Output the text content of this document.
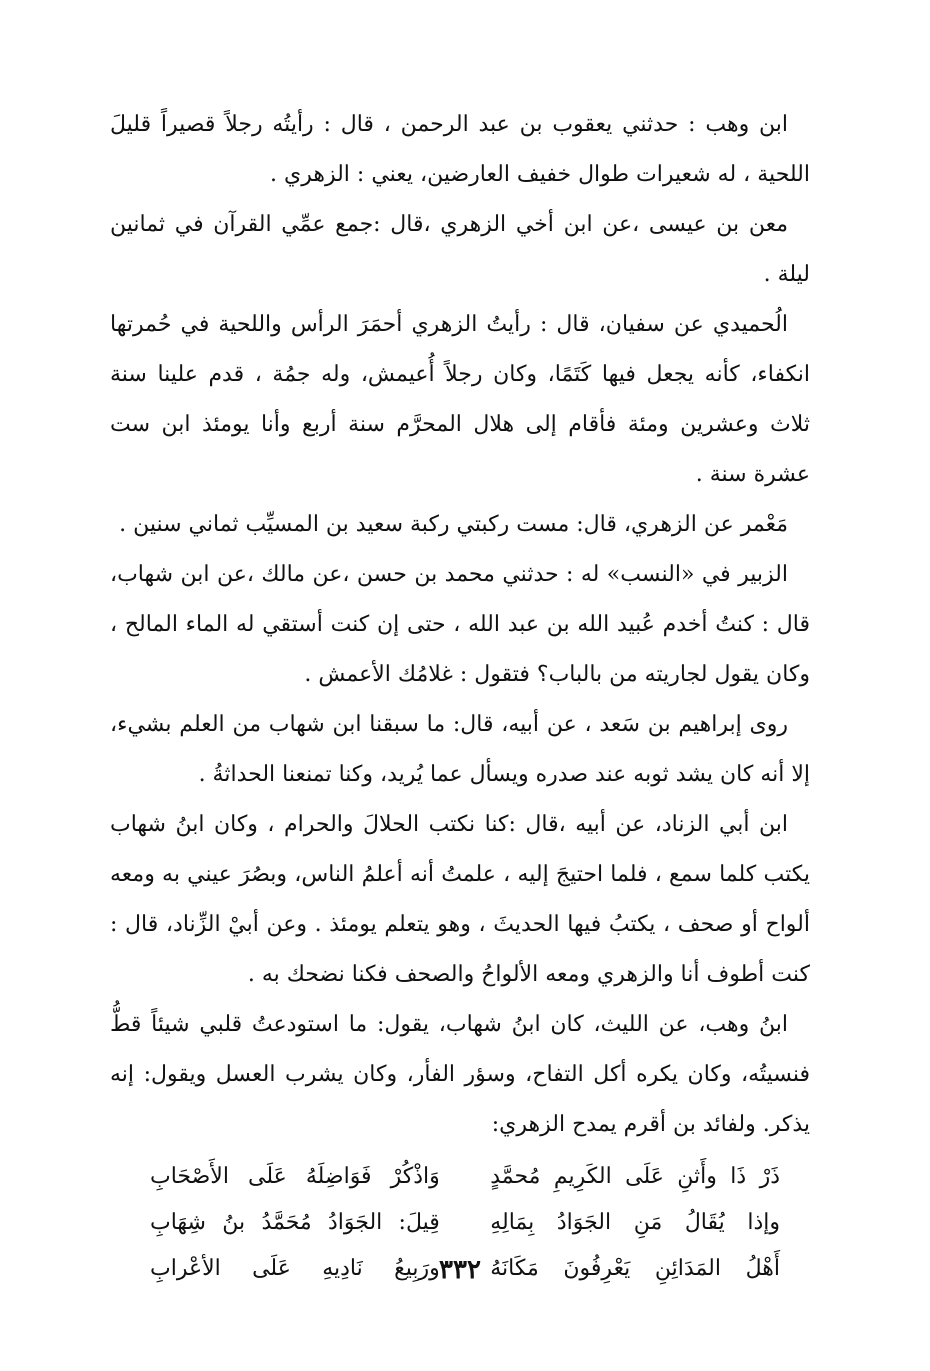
ابن وهب : حدثني يعقوب بن عبد الرحمن ، قال : رأيتُه رجلاً قصيراً قليلَ اللحية ، له شعيرات طوال خفيف العارضين، يعني : الزهري .

معن بن عيسى ،عن ابن أخي الزهري ،قال :جمع عمِّي القرآن في ثمانين ليلة .

الُحميدي عن سفيان، قال : رأيتُ الزهري أحمَرَ الرأس واللحية في حُمرتها انكفاء، كأنه يجعل فيها كَتَمًا، وكان رجلاً أُعيمش، وله جمُة ، قدم علينا سنة ثلاث وعشرين ومئة فأقام إلى هلال المحرَّم سنة أربع وأنا يومئذ ابن ست عشرة سنة .

مَعْمر عن الزهري، قال: مست ركبتي ركبة سعيد بن المسيِّب ثماني سنين .

الزبير في «النسب» له : حدثني محمد بن حسن ،عن مالك ،عن ابن شهاب، قال : كنتُ أخدم عُبيد الله بن عبد الله ، حتى إن كنت أستقي له الماء المالح ، وكان يقول لجاريته من بالباب؟ فتقول : غلامُك الأعمش .

روى إبراهيم بن سَعد ، عن أبيه، قال: ما سبقنا ابن شهاب من العلم بشيء، إلا أنه كان يشد ثوبه عند صدره ويسأل عما يُريد، وكنا تمنعنا الحداثةُ .

ابن أبي الزناد، عن أبيه ،قال :كنا نكتب الحلالَ والحرام ، وكان ابنُ شهاب يكتب كلما سمع ، فلما احتيجَ إليه ، علمتُ أنه أعلمُ الناس، وبصُرَ عيني به ومعه ألواح أو صحف ، يكتبُ فيها الحديثَ ، وهو يتعلم يومئذ . وعن أبيْ الزِّناد، قال : كنت أطوف أنا والزهري ومعه الألواحُ والصحف فكنا نضحك به .

ابنُ وهب، عن الليث، كان ابنُ شهاب، يقول: ما استودعتُ قلبي شيئاً قطُّ فنسيتُه، وكان يكره أكل التفاح، وسؤر الفأر، وكان يشرب العسل ويقول: إنه يذكر. ولفائد بن أقرم يمدح الزهري:

ذَرْ ذَا وأَثنِ عَلَى الكَرِيمِ مُحمَّدٍ
وَاذْكُرْ فَوَاضِلَهُ عَلَى الأَصْحَابِ
وإذا يُقَالُ مَنِ الجَوَادُ بِمَالِهِ
قِيلَ: الجَوَادُ مُحَمَّدُ بنُ شِهَابِ
أَهْلُ المَدَائِنِ يَعْرِفُونَ مَكَانَهُ
ورَبِيعُ نَادِيهِ عَلَى الأعْرابِ ٣٣٢
